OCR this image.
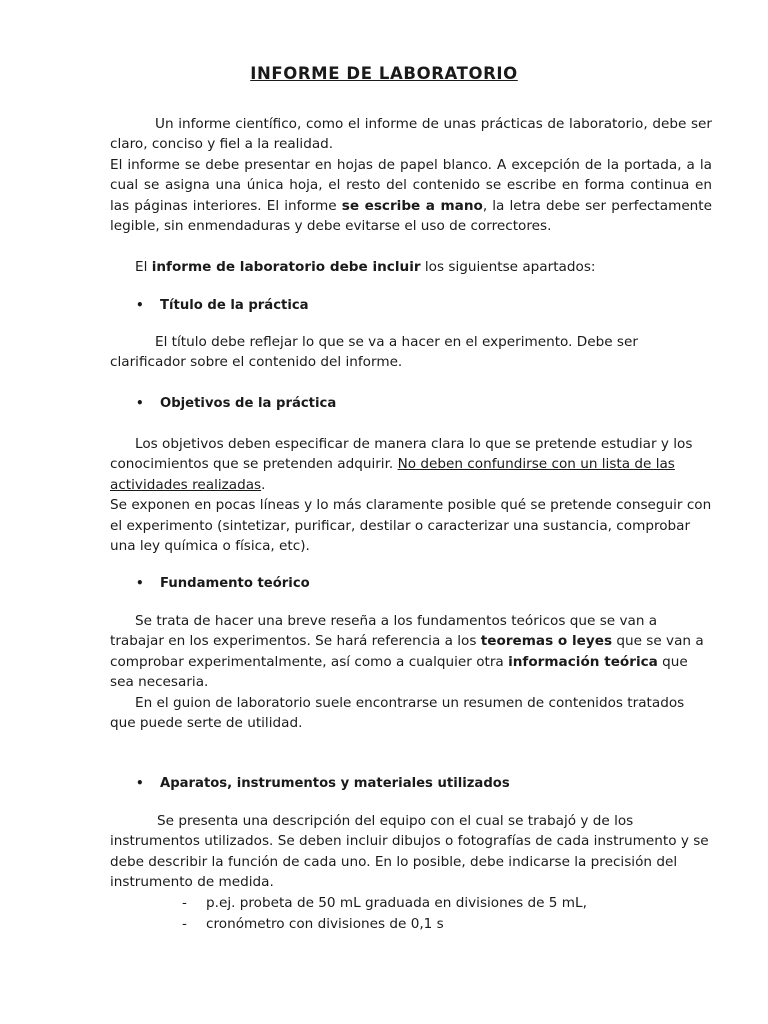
INFORME DE LABORATORIO

Un informe científico, como el informe de unas prácticas de laboratorio, debe ser claro, conciso y fiel a la realidad.

El informe se debe presentar en hojas de papel blanco. A excepción de la portada, a la cual se asigna una única hoja, el resto del contenido se escribe en forma continua en las páginas interiores. El informe se escribe a mano, la letra debe ser perfectamente legible, sin enmendaduras y debe evitarse el uso de correctores.

El informe de laboratorio debe incluir los siguientse apartados:

• Título de la práctica

El título debe reflejar lo que se va a hacer en el experimento. Debe ser clarificador sobre el contenido del informe.

• Objetivos de la práctica

Los objetivos deben especificar de manera clara lo que se pretende estudiar y los conocimientos que se pretenden adquirir. No deben confundirse con un lista de las actividades realizadas.

Se exponen en pocas líneas y lo más claramente posible qué se pretende conseguir con el experimento (sintetizar, purificar, destilar o caracterizar una sustancia, comprobar una ley química o física, etc).

• Fundamento teórico

Se trata de hacer una breve reseña a los fundamentos teóricos que se van a trabajar en los experimentos. Se hará referencia a los teoremas o leyes que se van a comprobar experimentalmente, así como a cualquier otra información teórica que sea necesaria.

En el guion de laboratorio suele encontrarse un resumen de contenidos tratados que puede serte de utilidad.

• Aparatos, instrumentos y materiales utilizados

Se presenta una descripción del equipo con el cual se trabajó y de los instrumentos utilizados. Se deben incluir dibujos o fotografías de cada instrumento y se debe describir la función de cada uno. En lo posible, debe indicarse la precisión del instrumento de medida.

- p.ej. probeta de 50 mL graduada en divisiones de 5 mL,
- cronómetro con divisiones de 0,1 s
